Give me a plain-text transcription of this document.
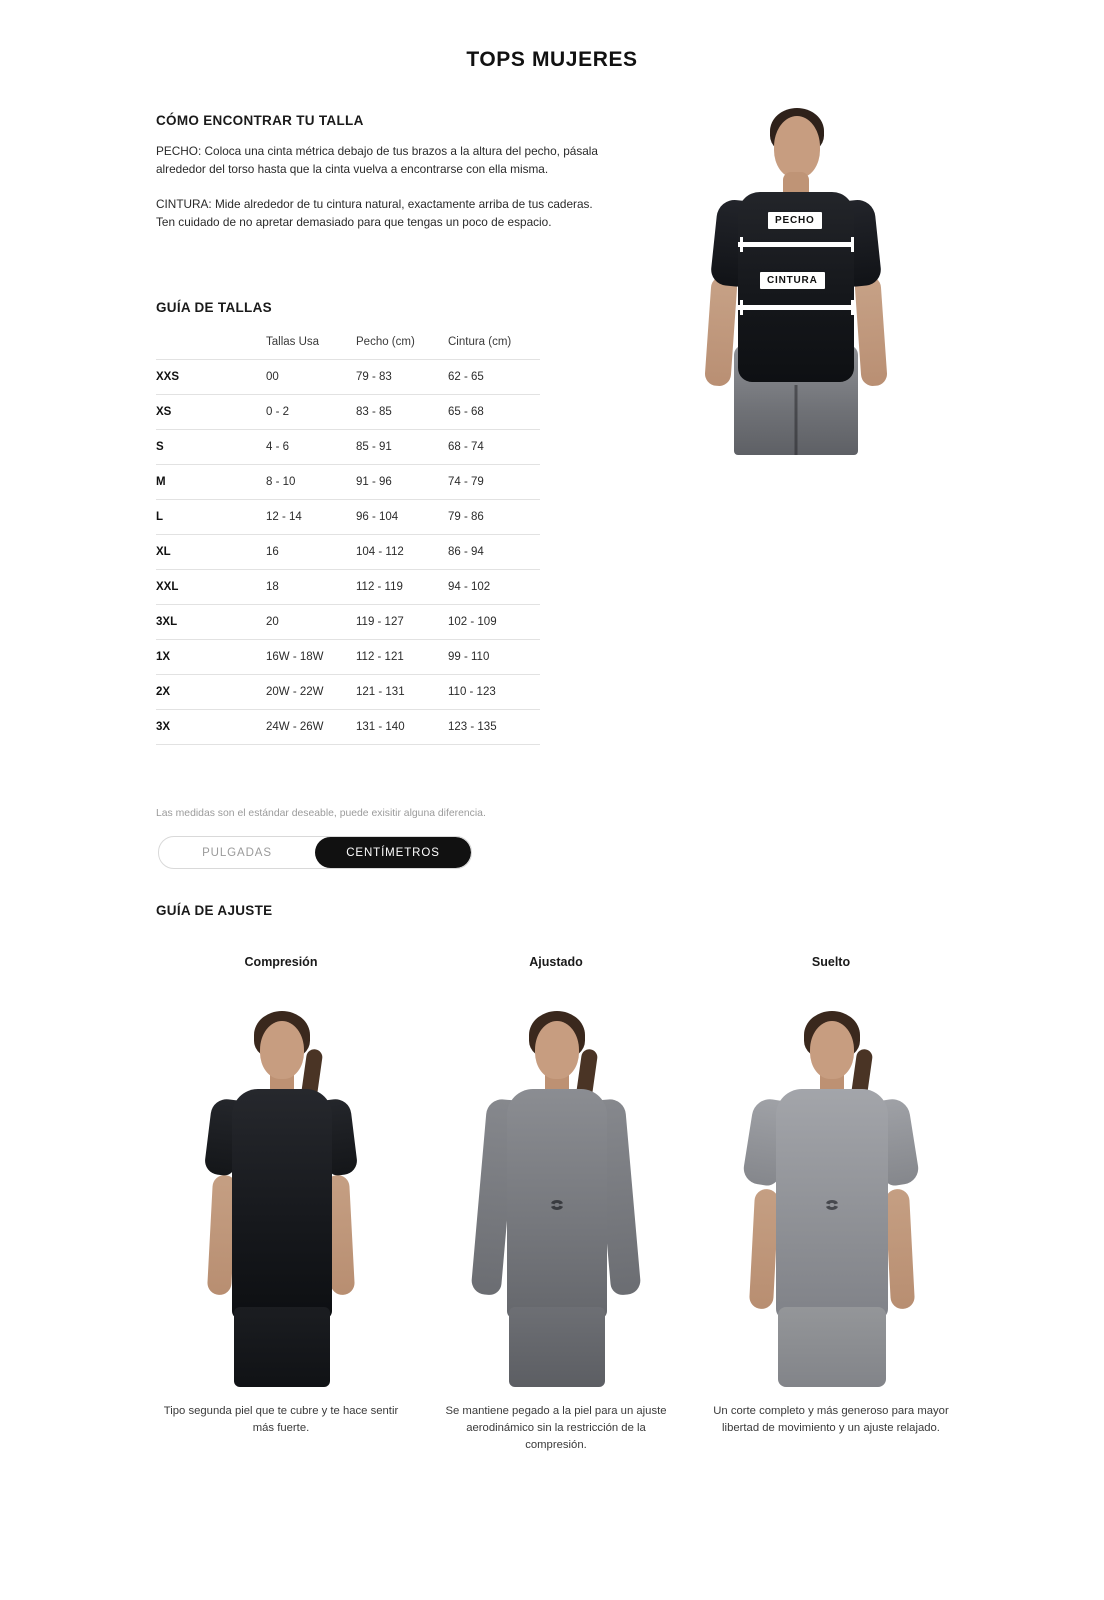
TOPS MUJERES
CÓMO ENCONTRAR TU TALLA

PECHO: Coloca una cinta métrica debajo de tus brazos a la altura del pecho, pásala alrededor del torso hasta que la cinta vuelva a encontrarse con ella misma.

CINTURA: Mide alrededor de tu cintura natural, exactamente arriba de tus caderas. Ten cuidado de no apretar demasiado para que tengas un poco de espacio.	PECHO
CINTURA
GUÍA DE TALLAS
	Tallas Usa	Pecho (cm)	Cintura (cm)
XXS	00	79 - 83	62 - 65
XS	0 - 2	83 - 85	65 - 68
S	4 - 6	85 - 91	68 - 74
M	8 - 10	91 - 96	74 - 79
L	12 - 14	96 - 104	79 - 86
XL	16	104 - 112	86 - 94
XXL	18	112 - 119	94 - 102
3XL	20	119 - 127	102 - 109
1X	16W - 18W	112 - 121	99 - 110
2X	20W - 22W	121 - 131	110 - 123
3X	24W - 26W	131 - 140	123 - 135
Las medidas son el estándar deseable, puede exisitir alguna diferencia.
PULGADAS	CENTÍMETROS
GUÍA DE AJUSTE
Compresión
Tipo segunda piel que te cubre y te hace sentir más fuerte.
Ajustado
Se mantiene pegado a la piel para un ajuste aerodinámico sin la restricción de la compresión.
Suelto
Un corte completo y más generoso para mayor libertad de movimiento y un ajuste relajado.
